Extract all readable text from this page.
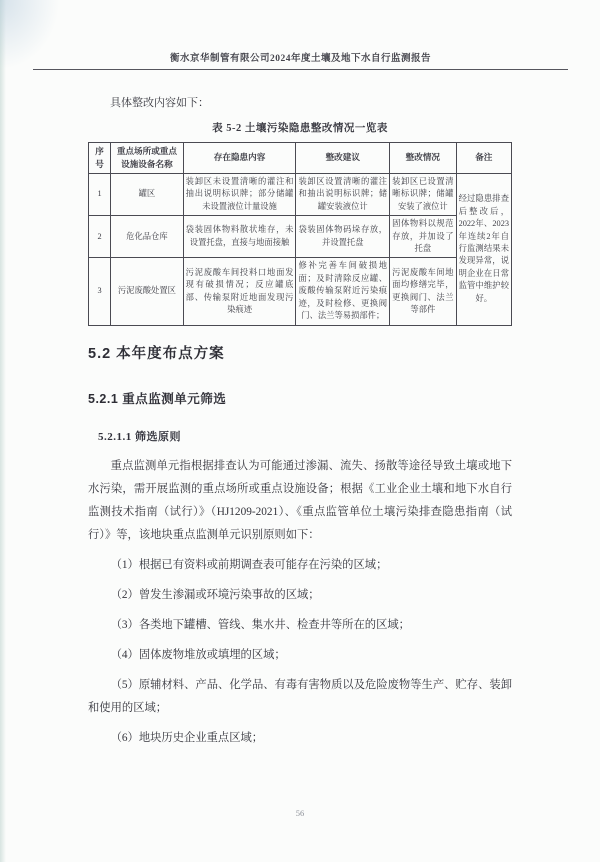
衡水京华制管有限公司2024年度土壤及地下水自行监测报告

具体整改内容如下：

表 5-2 土壤污染隐患整改情况一览表
序号	重点场所或重点设施设备名称	存在隐患内容	整改建议	整改情况	备注
1	罐区	装卸区未设置清晰的灌注和抽出说明标识牌；部分储罐未设置液位计量设施	装卸区设置清晰的灌注和抽出说明标识牌；储罐安装液位计	装卸区已设置清晰标识牌；储罐安装了液位计	经过隐患排查后整改后，2022年、2023年连续2年自行监测结果未发现异常，说明企业在日常监管中维护较好。
2	危化品仓库	袋装固体物料散状堆存，未设置托盘，直接与地面接触	袋装固体物码垛存放，并设置托盘	固体物料以规范存放，并加设了托盘	
3	污泥废酸处置区	污泥废酸车间投料口地面发现有破损情况；反应罐底部、传输泵附近地面发现污染痕迹	修补完善车间破损地面；及时清除反应罐、废酸传输泵附近污染痕迹，及时检修、更换阀门、法兰等易损部件；	污泥废酸车间地面均修缮完毕，更换阀门、法兰等部件	
5.2 本年度布点方案
5.2.1 重点监测单元筛选
5.2.1.1 筛选原则

重点监测单元指根据排查认为可能通过渗漏、流失、扬散等途径导致土壤或地下水污染，需开展监测的重点场所或重点设施设备；根据《工业企业土壤和地下水自行监测技术指南（试行）》（HJ1209-2021）、《重点监管单位土壤污染排查隐患指南（试行）》等，该地块重点监测单元识别原则如下：

（1）根据已有资料或前期调查表可能存在污染的区域；
（2）曾发生渗漏或环境污染事故的区域；
（3）各类地下罐槽、管线、集水井、检查井等所在的区域；
（4）固体废物堆放或填埋的区域；
（5）原辅材料、产品、化学品、有毒有害物质以及危险废物等生产、贮存、装卸和使用的区域；
（6）地块历史企业重点区域；
56
